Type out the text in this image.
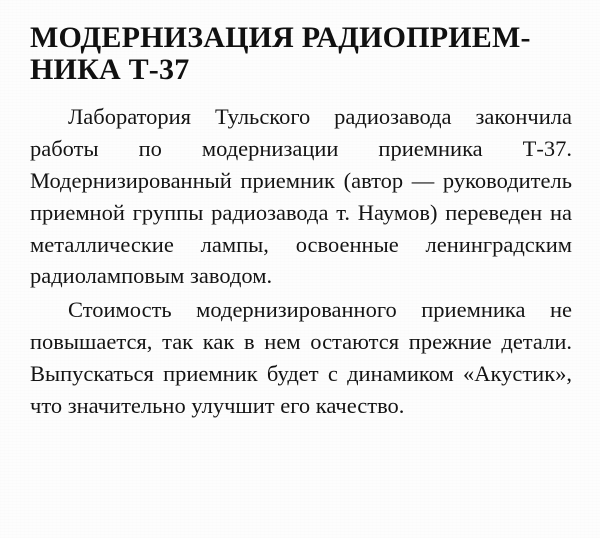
МОДЕРНИЗАЦИЯ РАДИОПРИЕМ-
НИКА Т-37

Лаборатория Тульского радиозавода закончила работы по модернизации приемника Т-37. Модернизированный приемник (автор — руководитель приемной группы радиозавода т. Наумов) переведен на металлические лампы, освоенные ленинградским радиоламповым заводом.

Стоимость модернизированного приемника не повышается, так как в нем остаются прежние детали. Выпускаться приемник будет с динамиком «Акустик», что значительно улучшит его качество.
